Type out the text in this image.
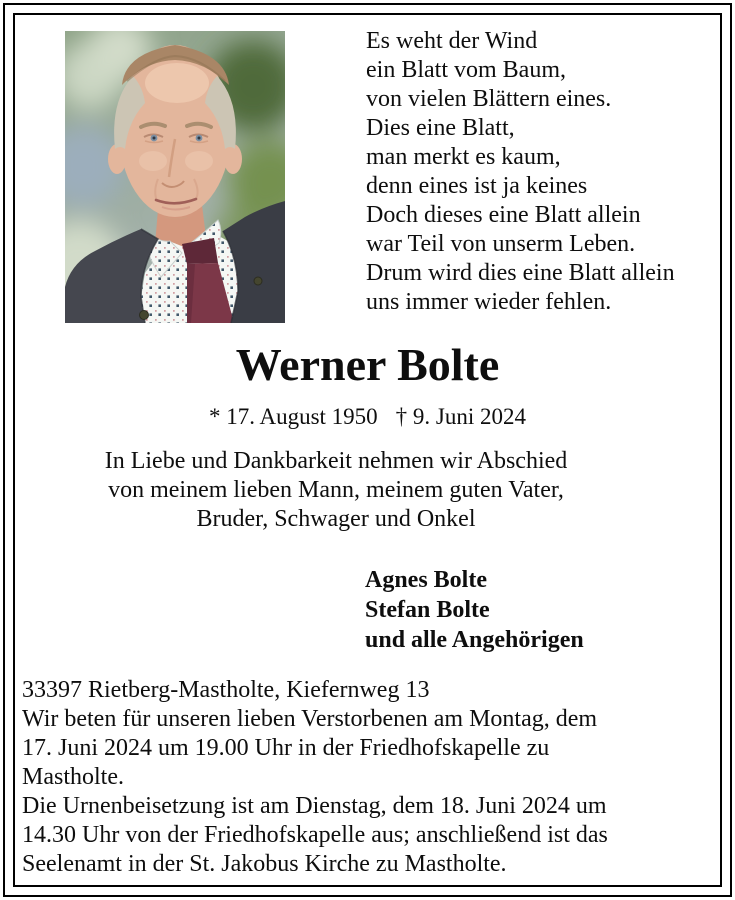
Es weht der Wind
ein Blatt vom Baum,
von vielen Blättern eines.
Dies eine Blatt,
man merkt es kaum,
denn eines ist ja keines
Doch dieses eine Blatt allein
war Teil von unserm Leben.
Drum wird dies eine Blatt allein
uns immer wieder fehlen.
Werner Bolte
* 17. August 1950 † 9. Juni 2024
In Liebe und Dankbarkeit nehmen wir Abschied
von meinem lieben Mann, meinem guten Vater,
Bruder, Schwager und Onkel
Agnes Bolte
Stefan Bolte
und alle Angehörigen
33397 Rietberg-Mastholte, Kiefernweg 13
Wir beten für unseren lieben Verstorbenen am Montag, dem
17. Juni 2024 um 19.00 Uhr in der Friedhofskapelle zu
Mastholte.
Die Urnenbeisetzung ist am Dienstag, dem 18. Juni 2024 um
14.30 Uhr von der Friedhofskapelle aus; anschließend ist das
Seelenamt in der St. Jakobus Kirche zu Mastholte.
